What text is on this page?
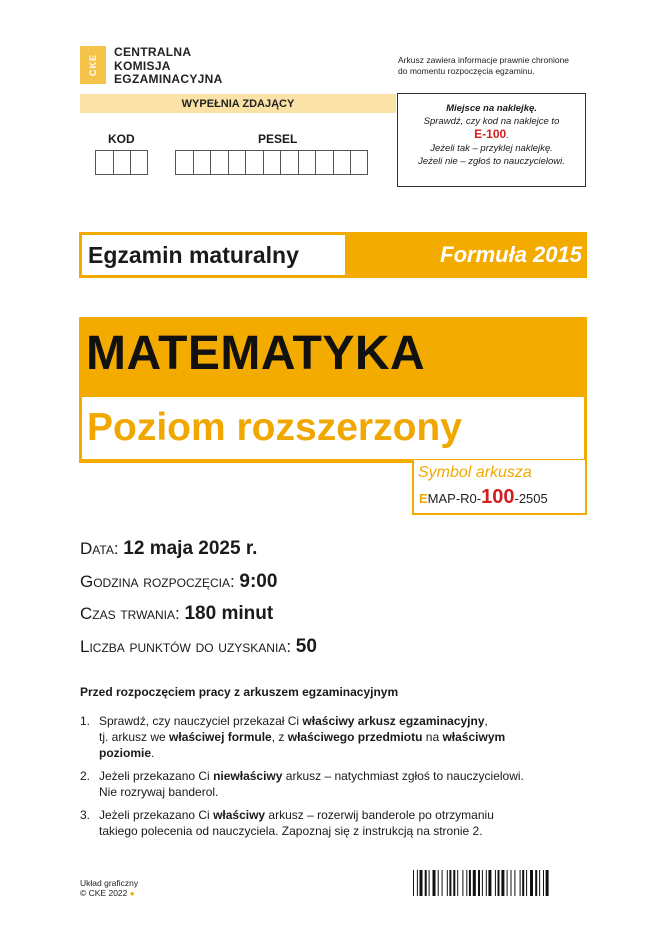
CKE
CENTRALNA
KOMISJA
EGZAMINACYJNA
Arkusz zawiera informacje prawnie chronione
do momentu rozpoczęcia egzaminu.
WYPEŁNIA ZDAJĄCY
KOD	PESEL
Miejsce na naklejkę.
Sprawdź, czy kod na naklejce to
E-100.
Jeżeli tak – przyklej naklejkę.
Jeżeli nie – zgłoś to nauczycielowi.
Egzamin maturalny	Formuła 2015
MATEMATYKA
Poziom rozszerzony
Symbol arkusza
EMAP-R0-100-2505
Data: 12 maja 2025 r.
Godzina rozpoczęcia: 9:00
Czas trwania: 180 minut
Liczba punktów do uzyskania: 50
Przed rozpoczęciem pracy z arkuszem egzaminacyjnym
1. Sprawdź, czy nauczyciel przekazał Ci właściwy arkusz egzaminacyjny,
tj. arkusz we właściwej formule, z właściwego przedmiotu na właściwym
poziomie.
2. Jeżeli przekazano Ci niewłaściwy arkusz – natychmiast zgłoś to nauczycielowi.
Nie rozrywaj banderol.
3. Jeżeli przekazano Ci właściwy arkusz – rozerwij banderole po otrzymaniu
takiego polecenia od nauczyciela. Zapoznaj się z instrukcją na stronie 2.
Układ graficzny
© CKE 2022 ●
